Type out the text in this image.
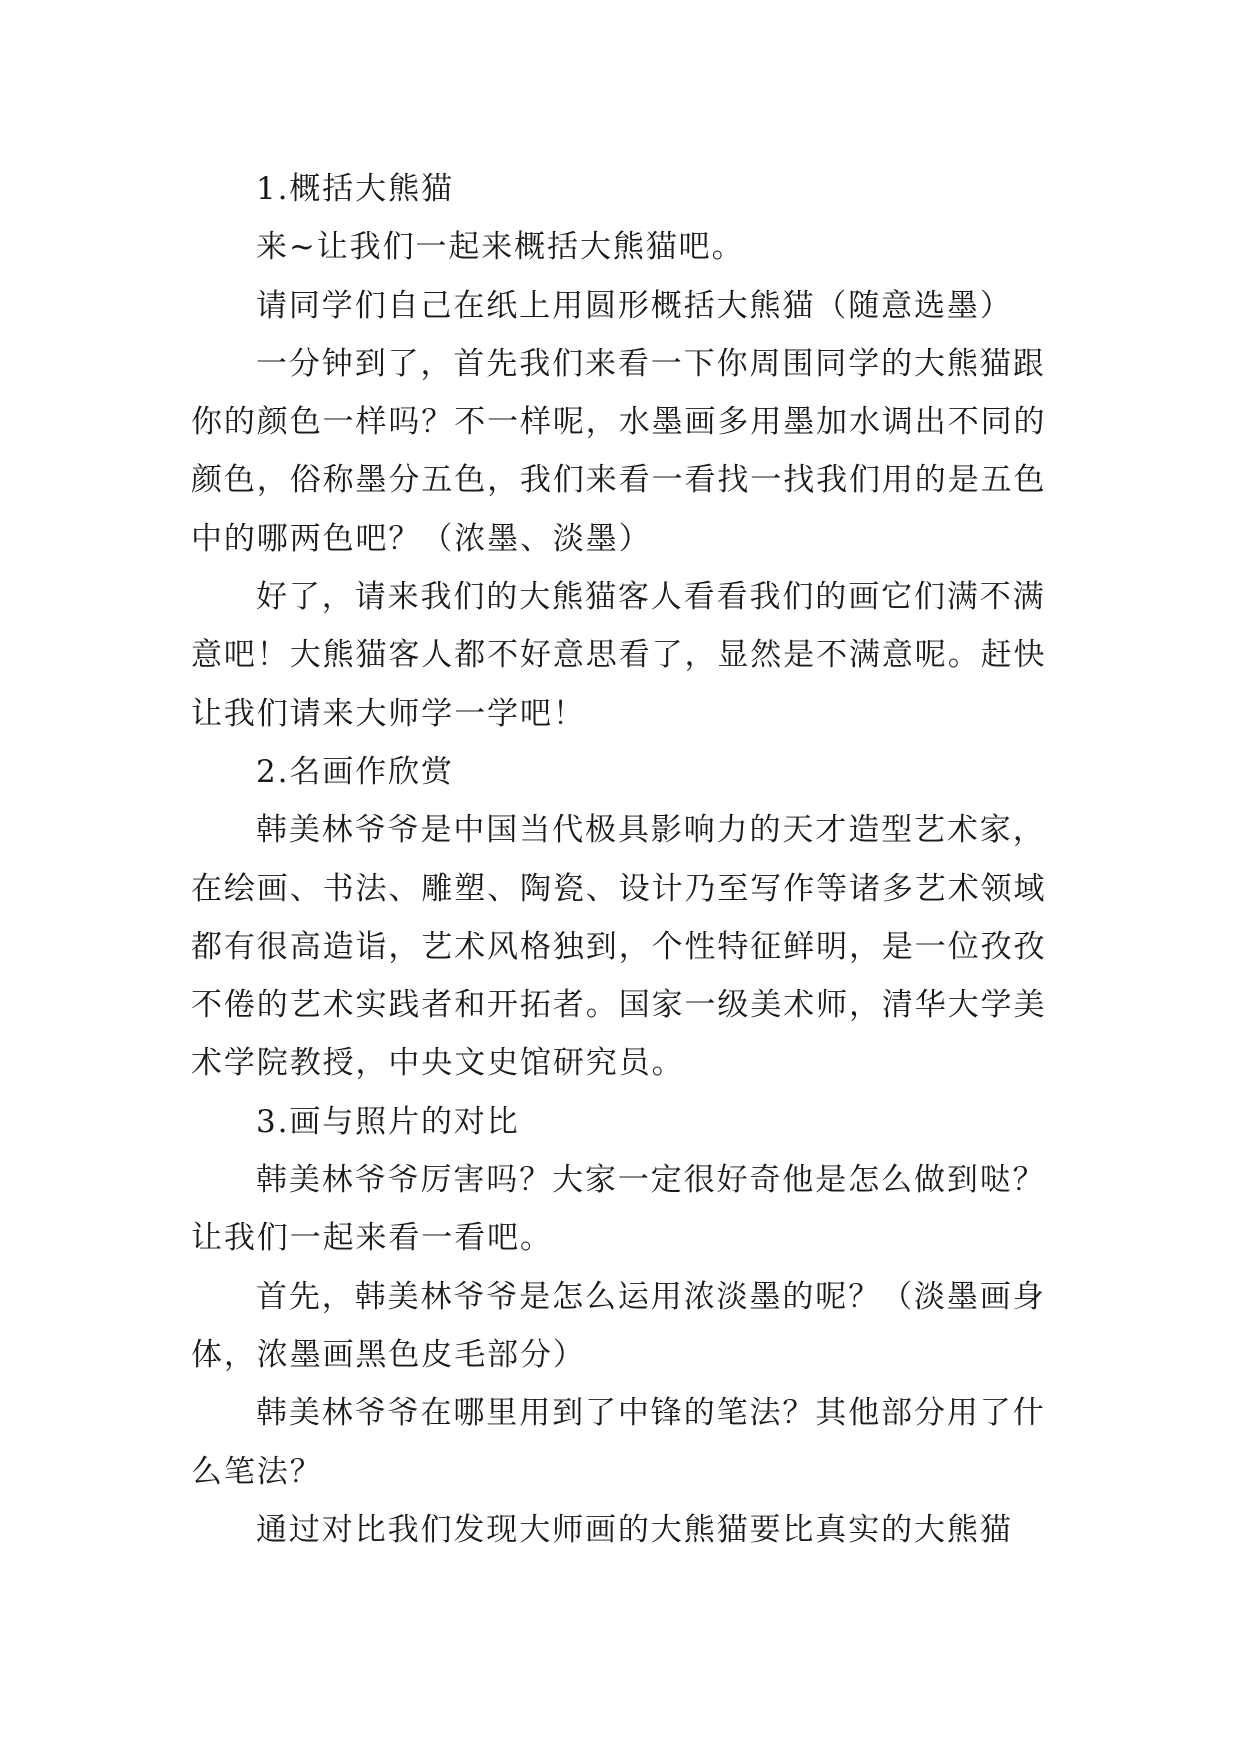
1.概括大熊猫

来~让我们一起来概括大熊猫吧。

请同学们自己在纸上用圆形概括大熊猫（随意选墨）

一分钟到了，首先我们来看一下你周围同学的大熊猫跟你的颜色一样吗？不一样呢，水墨画多用墨加水调出不同的颜色，俗称墨分五色，我们来看一看找一找我们用的是五色中的哪两色吧？（浓墨、淡墨）

好了，请来我们的大熊猫客人看看我们的画它们满不满意吧！大熊猫客人都不好意思看了，显然是不满意呢。赶快让我们请来大师学一学吧！

2.名画作欣赏

韩美林爷爷是中国当代极具影响力的天才造型艺术家，在绘画、书法、雕塑、陶瓷、设计乃至写作等诸多艺术领域都有很高造诣，艺术风格独到，个性特征鲜明，是一位孜孜不倦的艺术实践者和开拓者。国家一级美术师，清华大学美术学院教授，中央文史馆研究员。

3.画与照片的对比

韩美林爷爷厉害吗？大家一定很好奇他是怎么做到哒？让我们一起来看一看吧。

首先，韩美林爷爷是怎么运用浓淡墨的呢？（淡墨画身体，浓墨画黑色皮毛部分）

韩美林爷爷在哪里用到了中锋的笔法？其他部分用了什么笔法？

通过对比我们发现大师画的大熊猫要比真实的大熊猫
